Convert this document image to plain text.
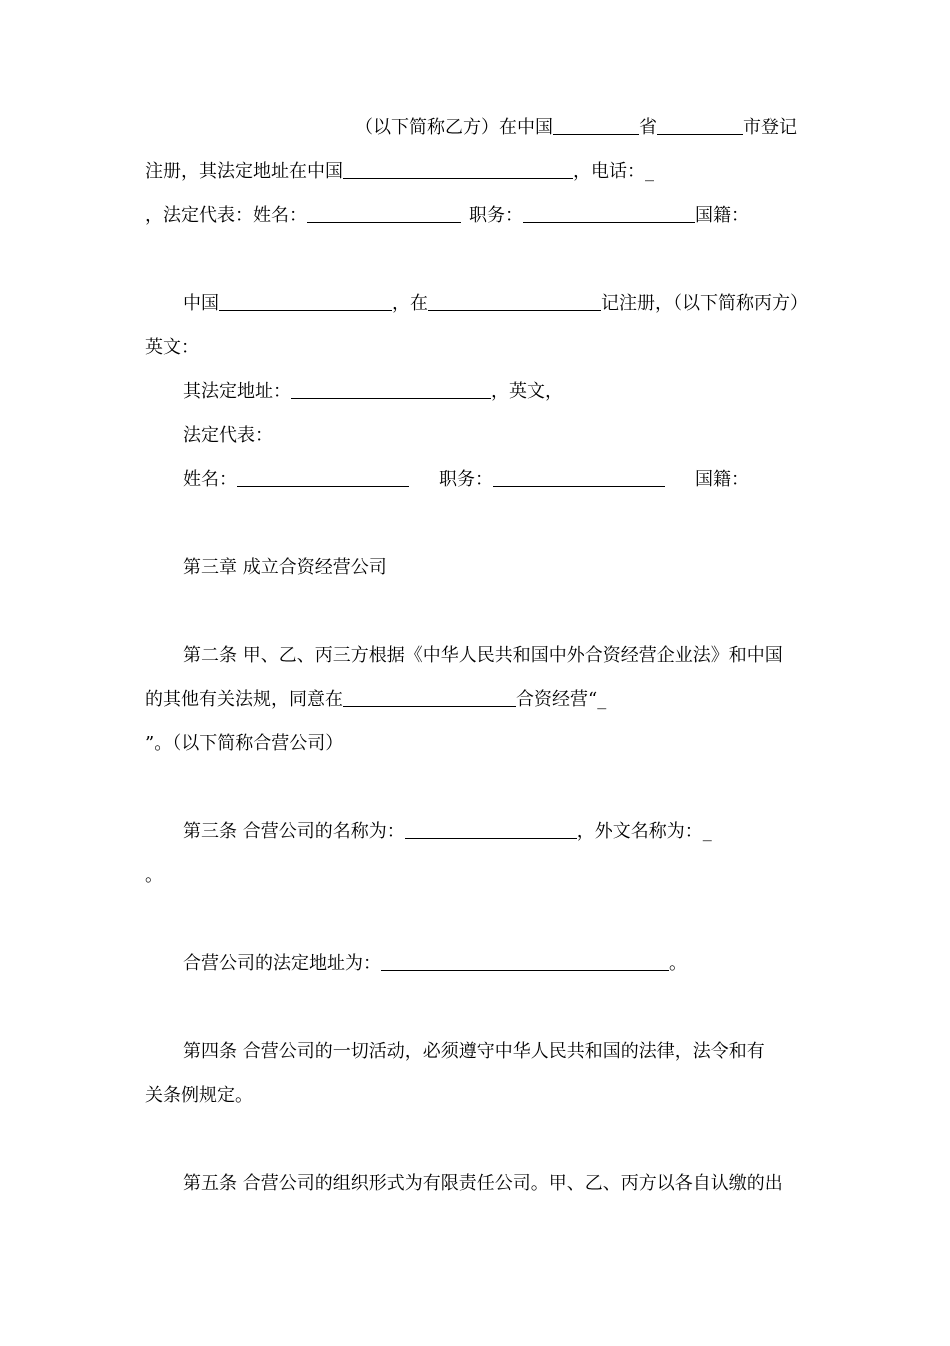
（以下简称乙方）在中国	省	市登记
注册，其法定地址在中国	，电话：_
，法定代表：姓名：	职务：	国籍：
中国	，在	记注册，（以下简称丙方）
英文：
其法定地址：	，英文，
法定代表：
姓名：	职务：	国籍：
第三章 成立合资经营公司
第二条 甲、乙、丙三方根据《中华人民共和国中外合资经营企业法》和中国
的其他有关法规，同意在	合资经营“_
”。（以下简称合营公司）
第三条 合营公司的名称为：	，外文名称为：_
。
合营公司的法定地址为：	。
第四条 合营公司的一切活动，必须遵守中华人民共和国的法律，法令和有
关条例规定。
第五条 合营公司的组织形式为有限责任公司。甲、乙、丙方以各自认缴的出
